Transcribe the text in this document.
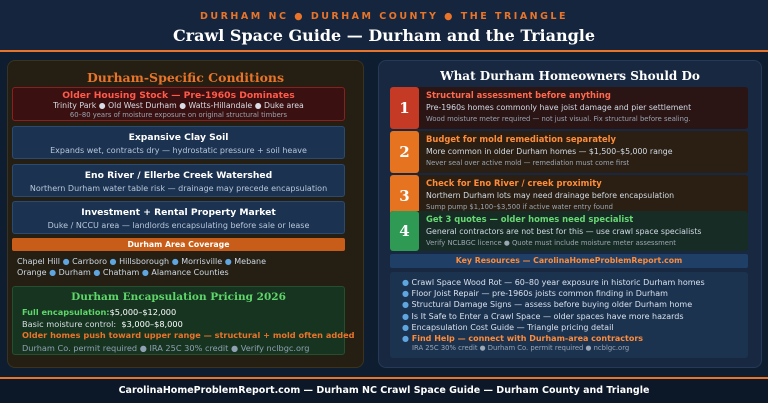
DURHAM NC ● DURHAM COUNTY ● THE TRIANGLE
Crawl Space Guide — Durham and the Triangle
Durham-Specific Conditions
Older Housing Stock — Pre-1960s Dominates
Trinity Park ● Old West Durham ● Watts-Hillandale ● Duke area
60–80 years of moisture exposure on original structural timbers
Expansive Clay Soil
Expands wet, contracts dry — hydrostatic pressure + soil heave
Eno River / Ellerbe Creek Watershed
Northern Durham water table risk — drainage may precede encapsulation
Investment + Rental Property Market
Duke / NCCU area — landlords encapsulating before sale or lease
Durham Area Coverage
Chapel Hill ● Carrboro ● Hillsborough ● Morrisville ● Mebane
Orange ● Durham ● Chatham ● Alamance Counties
Durham Encapsulation Pricing 2026
Full encapsulation:$5,000–$12,000
Basic moisture control: $3,000–$8,000
Older homes push toward upper range — structural + mold often added
Durham Co. permit required ● IRA 25C 30% credit ● Verify nclbgc.org
What Durham Homeowners Should Do
1
Structural assessment before anything
Pre-1960s homes commonly have joist damage and pier settlement
Wood moisture meter required — not just visual. Fix structural before sealing.
2
Budget for mold remediation separately
More common in older Durham homes — $1,500–$5,000 range
Never seal over active mold — remediation must come first
3
Check for Eno River / creek proximity
Northern Durham lots may need drainage before encapsulation
Sump pump $1,100–$3,500 if active water entry found
4
Get 3 quotes — older homes need specialist
General contractors are not best for this — use crawl space specialists
Verify NCLBGC licence ● Quote must include moisture meter assessment
Key Resources — CarolinaHomeProblemReport.com
● Crawl Space Wood Rot — 60–80 year exposure in historic Durham homes
● Floor Joist Repair — pre-1960s joists common finding in Durham
● Structural Damage Signs — assess before buying older Durham home
● Is It Safe to Enter a Crawl Space — older spaces have more hazards
● Encapsulation Cost Guide — Triangle pricing detail
● Find Help — connect with Durham-area contractors
IRA 25C 30% credit ● Durham Co. permit required ● ncblgc.org
CarolinaHomeProblemReport.com — Durham NC Crawl Space Guide — Durham County and Triangle
